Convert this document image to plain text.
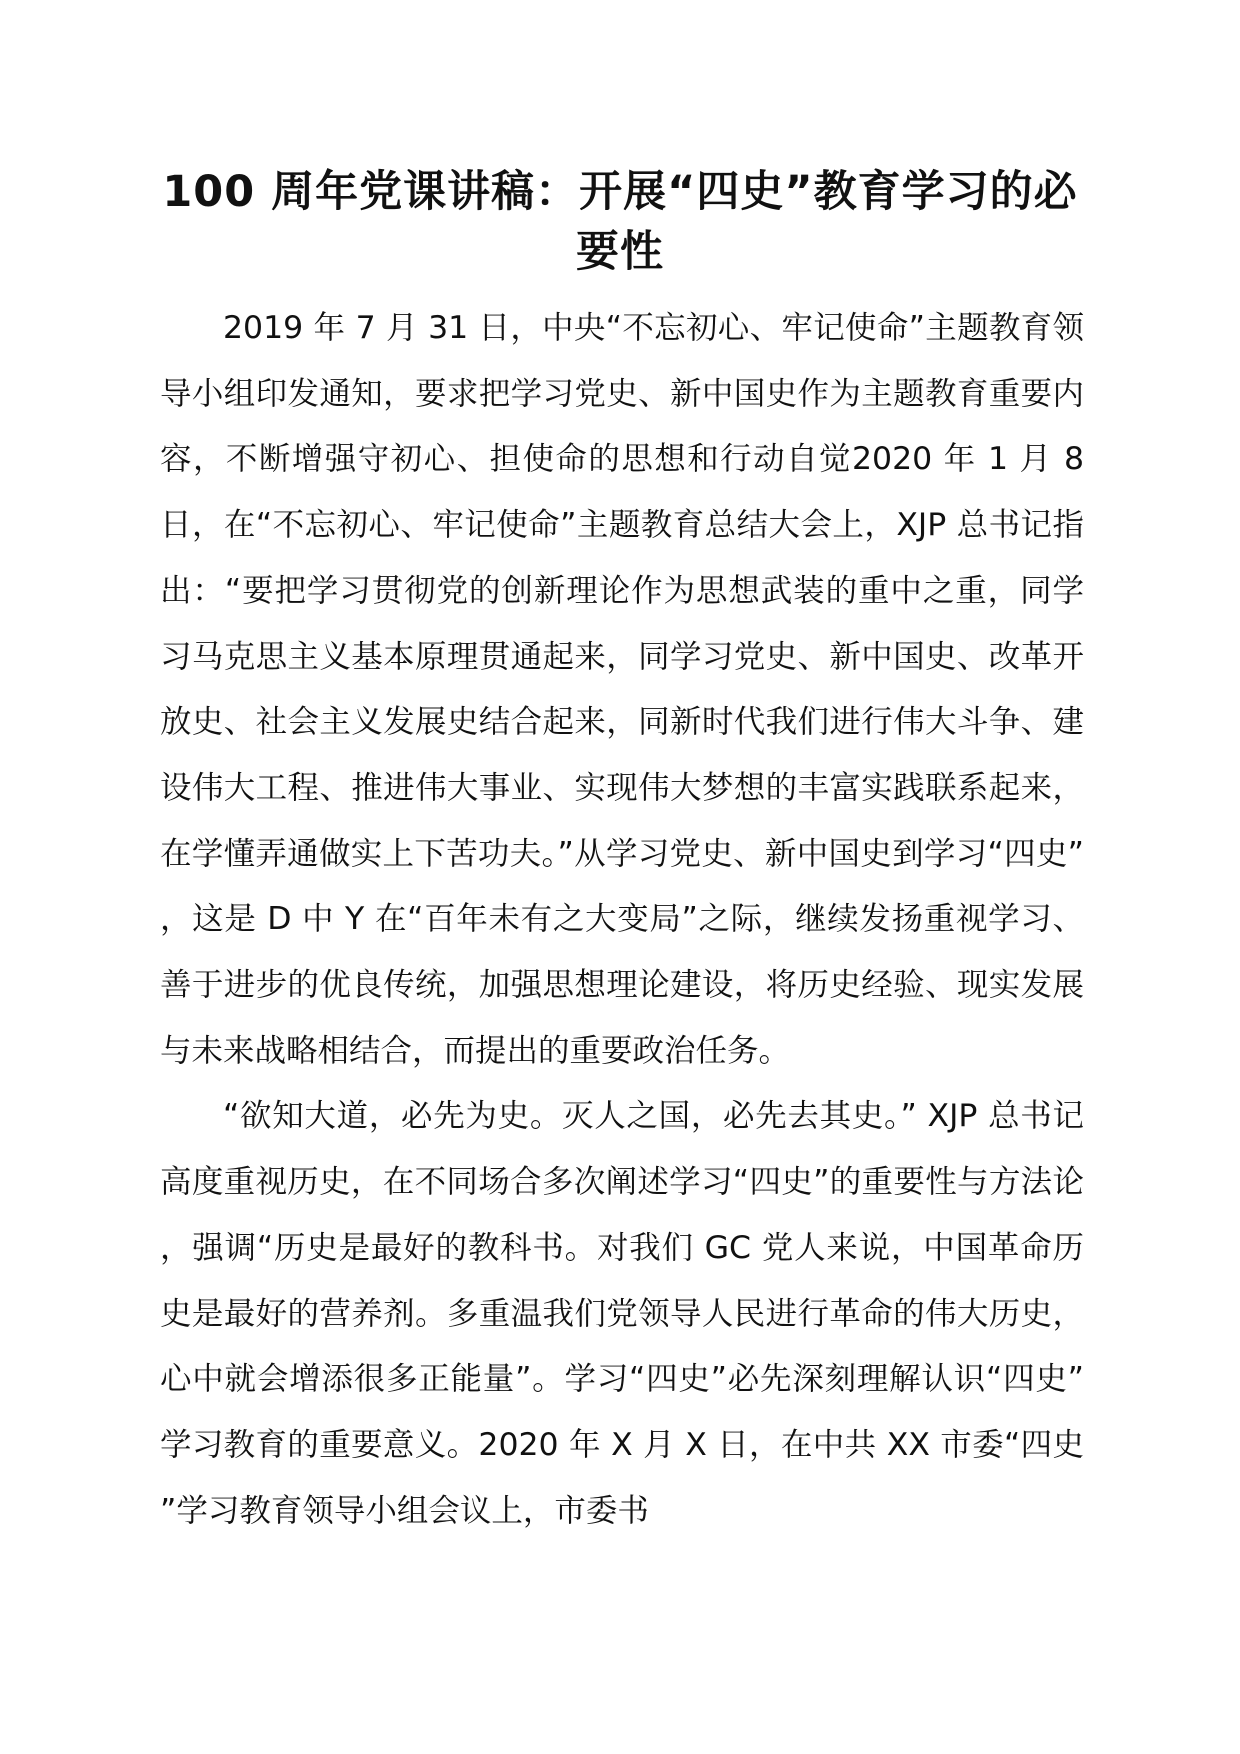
100 周年党课讲稿：开展“四史”教育学习的必要性

2019 年 7 月 31 日，中央“不忘初心、牢记使命”主题教育领导小组印发通知，要求把学习党史、新中国史作为主题教育重要内容，不断增强守初心、担使命的思想和行动自觉2020 年 1 月 8 日，在“不忘初心、牢记使命”主题教育总结大会上，XJP 总书记指出：“要把学习贯彻党的创新理论作为思想武装的重中之重，同学习马克思主义基本原理贯通起来，同学习党史、新中国史、改革开放史、社会主义发展史结合起来，同新时代我们进行伟大斗争、建设伟大工程、推进伟大事业、实现伟大梦想的丰富实践联系起来，在学懂弄通做实上下苦功夫。”从学习党史、新中国史到学习“四史”，这是 D 中 Y 在“百年未有之大变局”之际，继续发扬重视学习、善于进步的优良传统，加强思想理论建设，将历史经验、现实发展与未来战略相结合，而提出的重要政治任务。

“欲知大道，必先为史。灭人之国，必先去其史。” XJP 总书记高度重视历史，在不同场合多次阐述学习“四史”的重要性与方法论，强调“历史是最好的教科书。对我们 GC 党人来说，中国革命历史是最好的营养剂。多重温我们党领导人民进行革命的伟大历史，心中就会增添很多正能量”。学习“四史”必先深刻理解认识“四史”学习教育的重要意义。2020 年 X 月 X 日，在中共 XX 市委“四史”学习教育领导小组会议上，市委书
